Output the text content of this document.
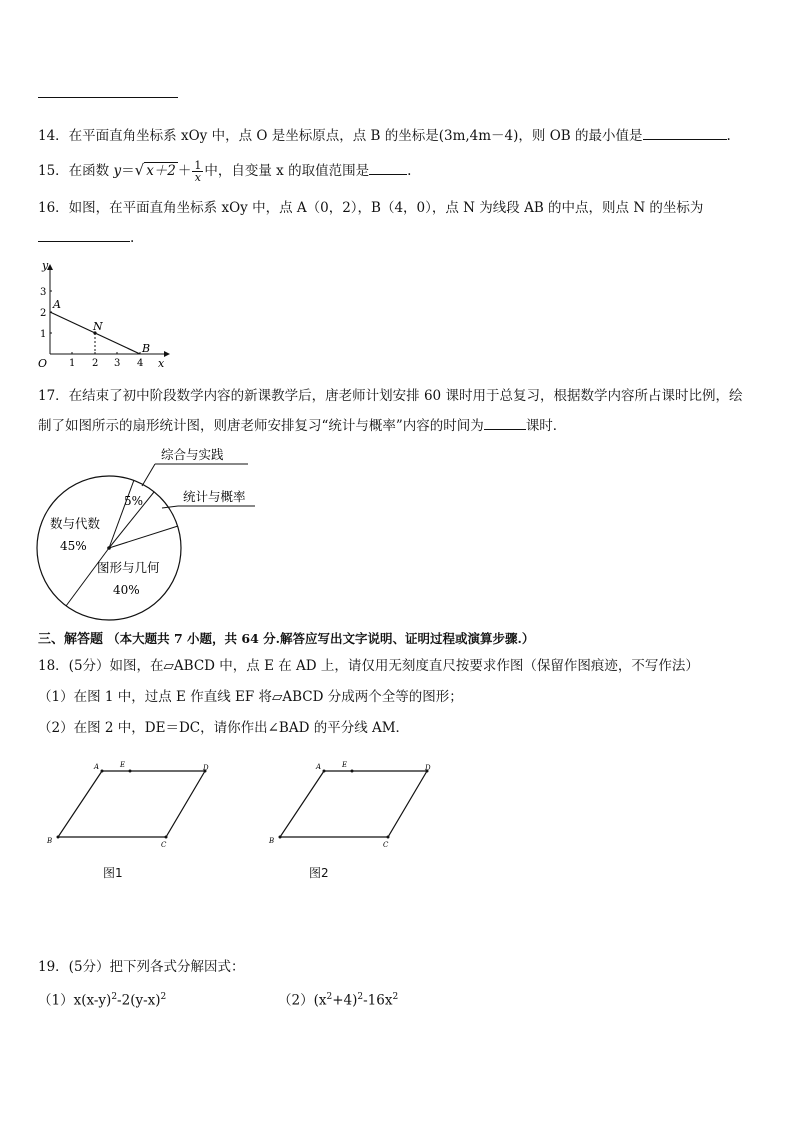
14．在平面直角坐标系 xOy 中，点 O 是坐标原点，点 B 的坐标是(3m,4m－4)，则 OB 的最小值是	.
15．在函数 y＝√ $x+2 + \frac{1}{x}$ 中，自变量 x 的取值范围是	.
16．如图，在平面直角坐标系 xOy 中，点 A（0，2），B（4，0），点 N 为线段 AB 的中点，则点 N 的坐标为
.
y
x
O 1 2 3 4
1
2
3
A
B
N
17．在结束了初中阶段数学内容的新课教学后，唐老师计划安排 60 课时用于总复习，根据数学内容所占课时比例，绘
制了如图所示的扇形统计图，则唐老师安排复习“统计与概率”内容的时间为	课时．
综合与实践
5%	统计与概率
数与代数
45%
图形与几何
40%
三、解答题 （本大题共 7 小题，共 64 分.解答应写出文字说明、证明过程或演算步骤.）
18．(5分）如图，在▱ABCD 中，点 E 在 AD 上，请仅用无刻度直尺按要求作图（保留作图痕迹，不写作法）
（1）在图 1 中，过点 E 作直线 EF 将▱ABCD 分成两个全等的图形；
（2）在图 2 中，DE＝DC，请你作出∠BAD 的平分线 AM．
A	E	D
B	C
图1
A	E	D
B	C
图2
19．(5分）把下列各式分解因式：
$(1)x(x-y)^2-2(y-x)^2$	$(2)(x^2+4)^2-16x^2$
